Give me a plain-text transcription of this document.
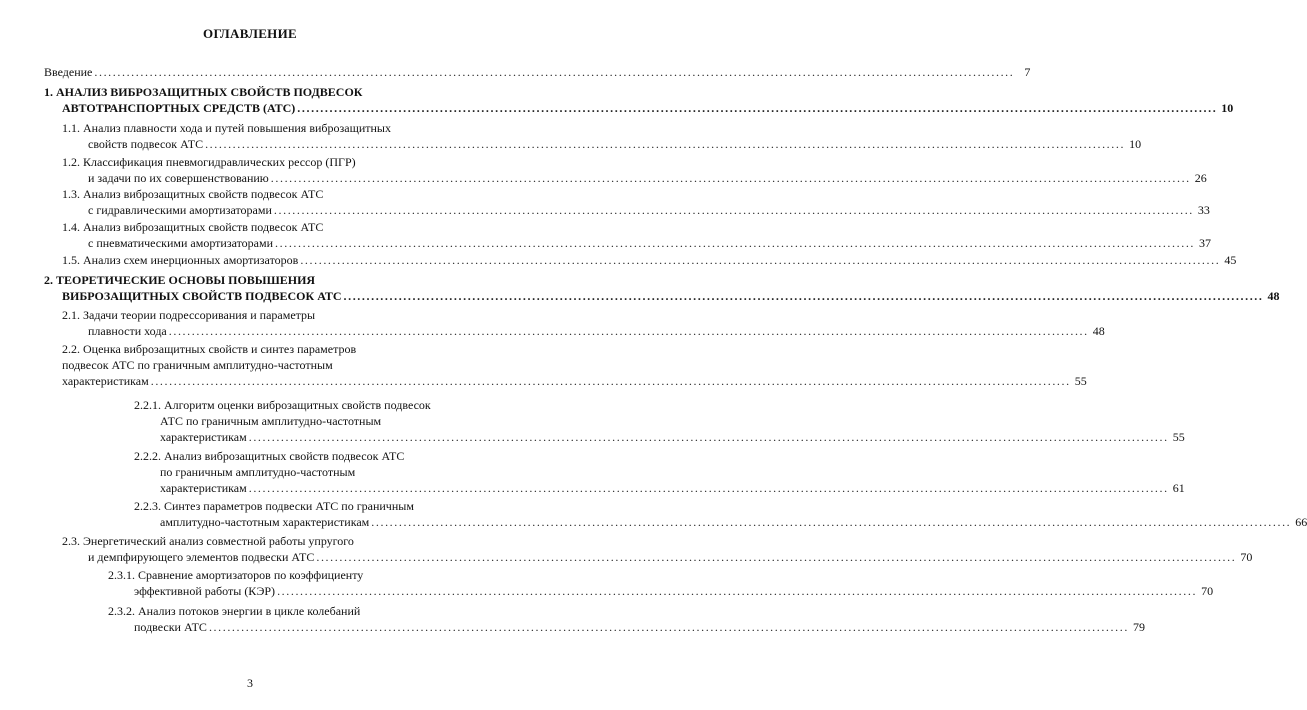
ОГЛАВЛЕНИЕ
Введение ........................................................................................................................................................................................................ 7
1. АНАЛИЗ ВИБРОЗАЩИТНЫХ СВОЙСТВ ПОДВЕСОК
АВТОТРАНСПОРТНЫХ СРЕДСТВ (АТС) ........................................................................................................................................................................................................ 10
1.1. Анализ плавности хода и путей повышения виброзащитных
свойств подвесок АТС ........................................................................................................................................................................................................ 10
1.2. Классификация пневмогидравлических рессор (ПГР)
и задачи по их совершенствованию ........................................................................................................................................................................................................ 26
1.3. Анализ виброзащитных свойств подвесок АТС
с гидравлическими амортизаторами ........................................................................................................................................................................................................ 33
1.4. Анализ виброзащитных свойств подвесок АТС
с пневматическими амортизаторами ........................................................................................................................................................................................................ 37
1.5. Анализ схем инерционных амортизаторов ........................................................................................................................................................................................................ 45
2. ТЕОРЕТИЧЕСКИЕ ОСНОВЫ ПОВЫШЕНИЯ
ВИБРОЗАЩИТНЫХ СВОЙСТВ ПОДВЕСОК АТС ........................................................................................................................................................................................................ 48
2.1. Задачи теории подрессоривания и параметры
плавности хода ........................................................................................................................................................................................................ 48
2.2. Оценка виброзащитных свойств и синтез параметров
подвесок АТС по граничным амплитудно-частотным
характеристикам ........................................................................................................................................................................................................ 55
2.2.1. Алгоритм оценки виброзащитных свойств подвесок
АТС по граничным амплитудно-частотным
характеристикам ........................................................................................................................................................................................................ 55
2.2.2. Анализ виброзащитных свойств подвесок АТС
по граничным амплитудно-частотным
характеристикам ........................................................................................................................................................................................................ 61
2.2.3. Синтез параметров подвески АТС по граничным
амплитудно-частотным характеристикам ........................................................................................................................................................................................................ 66
2.3. Энергетический анализ совместной работы упругого
и демпфирующего элементов подвески АТС ........................................................................................................................................................................................................ 70
2.3.1. Сравнение амортизаторов по коэффициенту
эффективной работы (КЭР) ........................................................................................................................................................................................................ 70
2.3.2. Анализ потоков энергии в цикле колебаний
подвески АТС ........................................................................................................................................................................................................ 79
3
